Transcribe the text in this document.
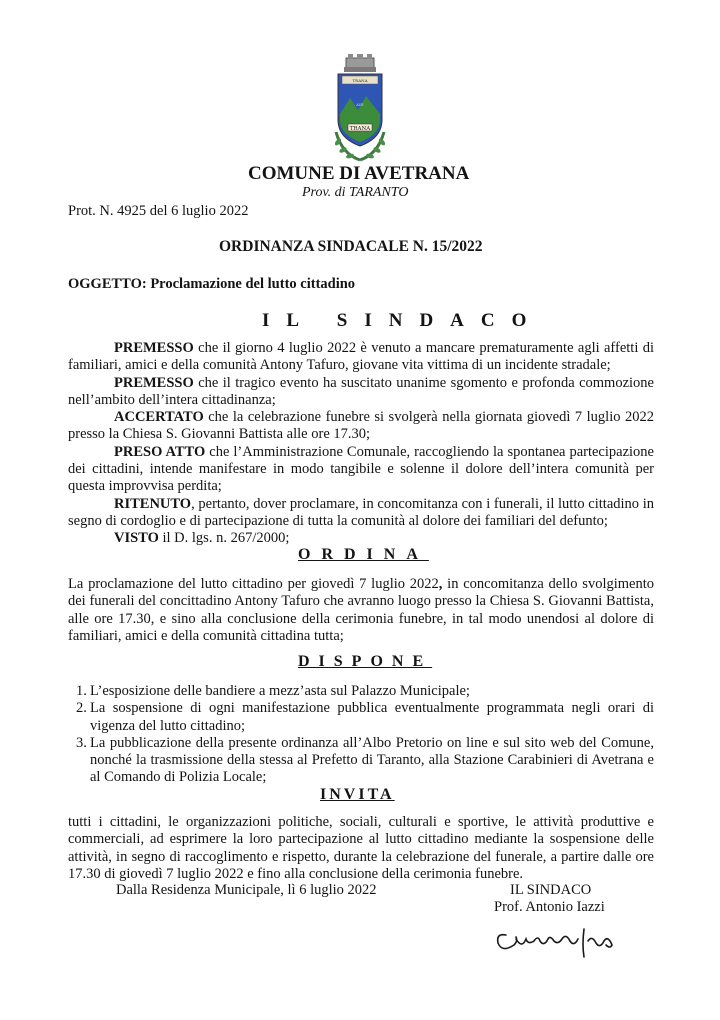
TRANA
TRANA
AVE
COMUNE DI AVETRANA
Prov. di TARANTO
Prot. N. 4925 del 6 luglio 2022
ORDINANZA SINDACALE N. 15/2022
OGGETTO: Proclamazione del lutto cittadino
IL SINDACO

PREMESSO che il giorno 4 luglio 2022 è venuto a mancare prematuramente agli affetti di familiari, amici e della comunità Antony Tafuro, giovane vita vittima di un incidente stradale;

PREMESSO che il tragico evento ha suscitato unanime sgomento e profonda commozione nell’ambito dell’intera cittadinanza;

ACCERTATO che la celebrazione funebre si svolgerà nella giornata giovedì 7 luglio 2022 presso la Chiesa S. Giovanni Battista alle ore 17.30;

PRESO ATTO che l’Amministrazione Comunale, raccogliendo la spontanea partecipazione dei cittadini, intende manifestare in modo tangibile e solenne il dolore dell’intera comunità per questa improvvisa perdita;

RITENUTO, pertanto, dover proclamare, in concomitanza con i funerali, il lutto cittadino in segno di cordoglio e di partecipazione di tutta la comunità al dolore dei familiari del defunto;

VISTO il D. lgs. n. 267/2000;

ORDINA
La proclamazione del lutto cittadino per giovedì 7 luglio 2022, in concomitanza dello svolgimento dei funerali del concittadino Antony Tafuro che avranno luogo presso la Chiesa S. Giovanni Battista, alle ore 17.30, e sino alla conclusione della cerimonia funebre, in tal modo unendosi al dolore di familiari, amici e della comunità cittadina tutta;
DISPONE
1. L’esposizione delle bandiere a mezz’asta sul Palazzo Municipale;
2. La sospensione di ogni manifestazione pubblica eventualmente programmata negli orari di vigenza del lutto cittadino;
3. La pubblicazione della presente ordinanza all’Albo Pretorio on line e sul sito web del Comune, nonché la trasmissione della stessa al Prefetto di Taranto, alla Stazione Carabinieri di Avetrana e al Comando di Polizia Locale;
INVITA
tutti i cittadini, le organizzazioni politiche, sociali, culturali e sportive, le attività produttive e commerciali, ad esprimere la loro partecipazione al lutto cittadino mediante la sospensione delle attività, in segno di raccoglimento e rispetto, durante la celebrazione del funerale, a partire dalle ore 17.30 di giovedì 7 luglio 2022 e fino alla conclusione della cerimonia funebre.
Dalla Residenza Municipale, lì 6 luglio 2022	IL SINDACO
Prof. Antonio Iazzi
